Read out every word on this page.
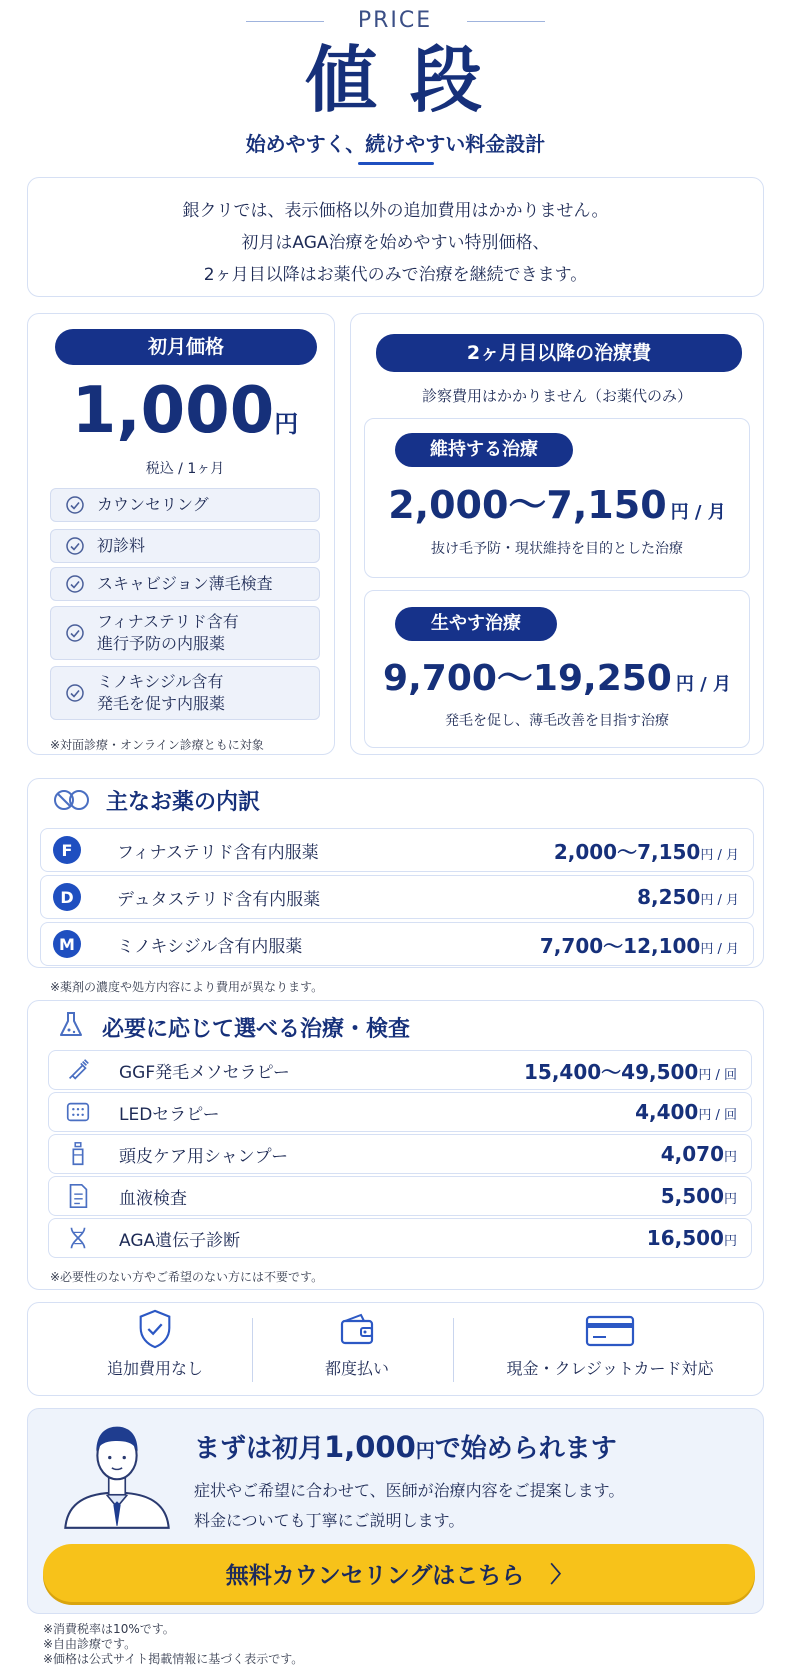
PRICE
値 段
始めやすく、続けやすい料金設計
銀クリでは、表示価格以外の追加費用はかかりません。
初月はAGA治療を始めやすい特別価格、
2ヶ月目以降はお薬代のみで治療を継続できます。
初月価格
1,000円
税込 / 1ヶ月
カウンセリング
初診料
スキャビジョン薄毛検査
フィナステリド含有
進行予防の内服薬
ミノキシジル含有
発毛を促す内服薬
※対面診療・オンライン診療ともに対象
2ヶ月目以降の治療費
診察費用はかかりません（お薬代のみ）
維持する治療
2,000〜7,150 円 / 月
抜け毛予防・現状維持を目的とした治療
生やす治療
9,700〜19,250 円 / 月
発毛を促し、薄毛改善を目指す治療
主なお薬の内訳
F	フィナステリド含有内服薬	2,000〜7,150円 / 月
D	デュタステリド含有内服薬	8,250円 / 月
M	ミノキシジル含有内服薬	7,700〜12,100円 / 月
※薬剤の濃度や処方内容により費用が異なります。
必要に応じて選べる治療・検査
GGF発毛メソセラピー	15,400〜49,500円 / 回
LEDセラピー	4,400円 / 回
頭皮ケア用シャンプー	4,070円
血液検査	5,500円
AGA遺伝子診断	16,500円
※必要性のない方やご希望のない方には不要です。
追加費用なし	都度払い	現金・クレジットカード対応
まずは初月1,000円で始められます
症状やご希望に合わせて、医師が治療内容をご提案します。
料金についても丁寧にご説明します。
無料カウンセリングはこちら 〉
※消費税率は10%です。
※自由診療です。
※価格は公式サイト掲載情報に基づく表示です。
